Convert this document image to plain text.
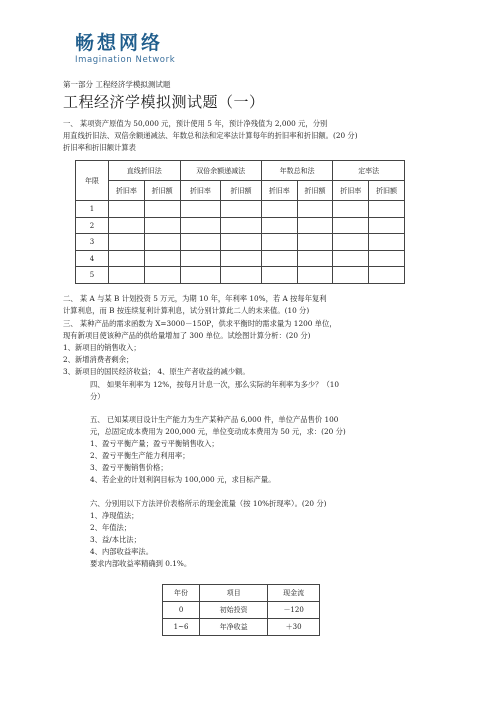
畅想网络
Imagination Network
第一部分 工程经济学模拟测试题
工程经济学模拟测试题（一）
一、 某项资产原值为 50,000 元，预计使用 5 年，预计净残值为 2,000 元，分别
用直线折旧法、双倍余额递减法、年数总和法和定率法计算每年的折旧率和折旧额。(20 分)
折旧率和折旧额计算表
年限	直线折旧法		双倍余额递减法		年数总和法		定率法	
	折旧率	折旧额	折旧率	折旧额	折旧率	折旧额	折旧率	折旧额
1								
2								
3								
4								
5								
二、 某 A 与某 B 计划投资 5 万元，为期 10 年，年利率 10%，若 A 按每年复利
计算利息，而 B 按连续复利计算利息，试分别计算此二人的未来值。(10 分)
三、 某种产品的需求函数为 X=3000－150P，供求平衡时的需求量为 1200 单位，
现有新项目使该种产品的供给量增加了 300 单位。试绘图计算分析：(20 分)
1、新项目的销售收入；
2、新增消费者剩余；
3、新项目的国民经济收益； 4、原生产者收益的减少额。
四、 如果年利率为 12%，按每月计息一次，那么实际的年利率为多少？（10
分）
五、 已知某项目设计生产能力为生产某种产品 6,000 件，单位产品售价 100
元，总固定成本费用为 200,000 元，单位变动成本费用为 50 元，求：(20 分)
1、盈亏平衡产量；盈亏平衡销售收入；
2、盈亏平衡生产能力利用率；
3、盈亏平衡销售价格；
4、若企业的计划利润目标为 100,000 元，求目标产量。
六、分别用以下方法评价表格所示的现金流量（按 10%折现率）。(20 分)
1、净现值法；
2、年值法；
3、益/本比法；
4、内部收益率法。
要求内部收益率精确到 0.1%。
年份	项目	现金流
0	初始投资	－120
1~6	年净收益	＋30
